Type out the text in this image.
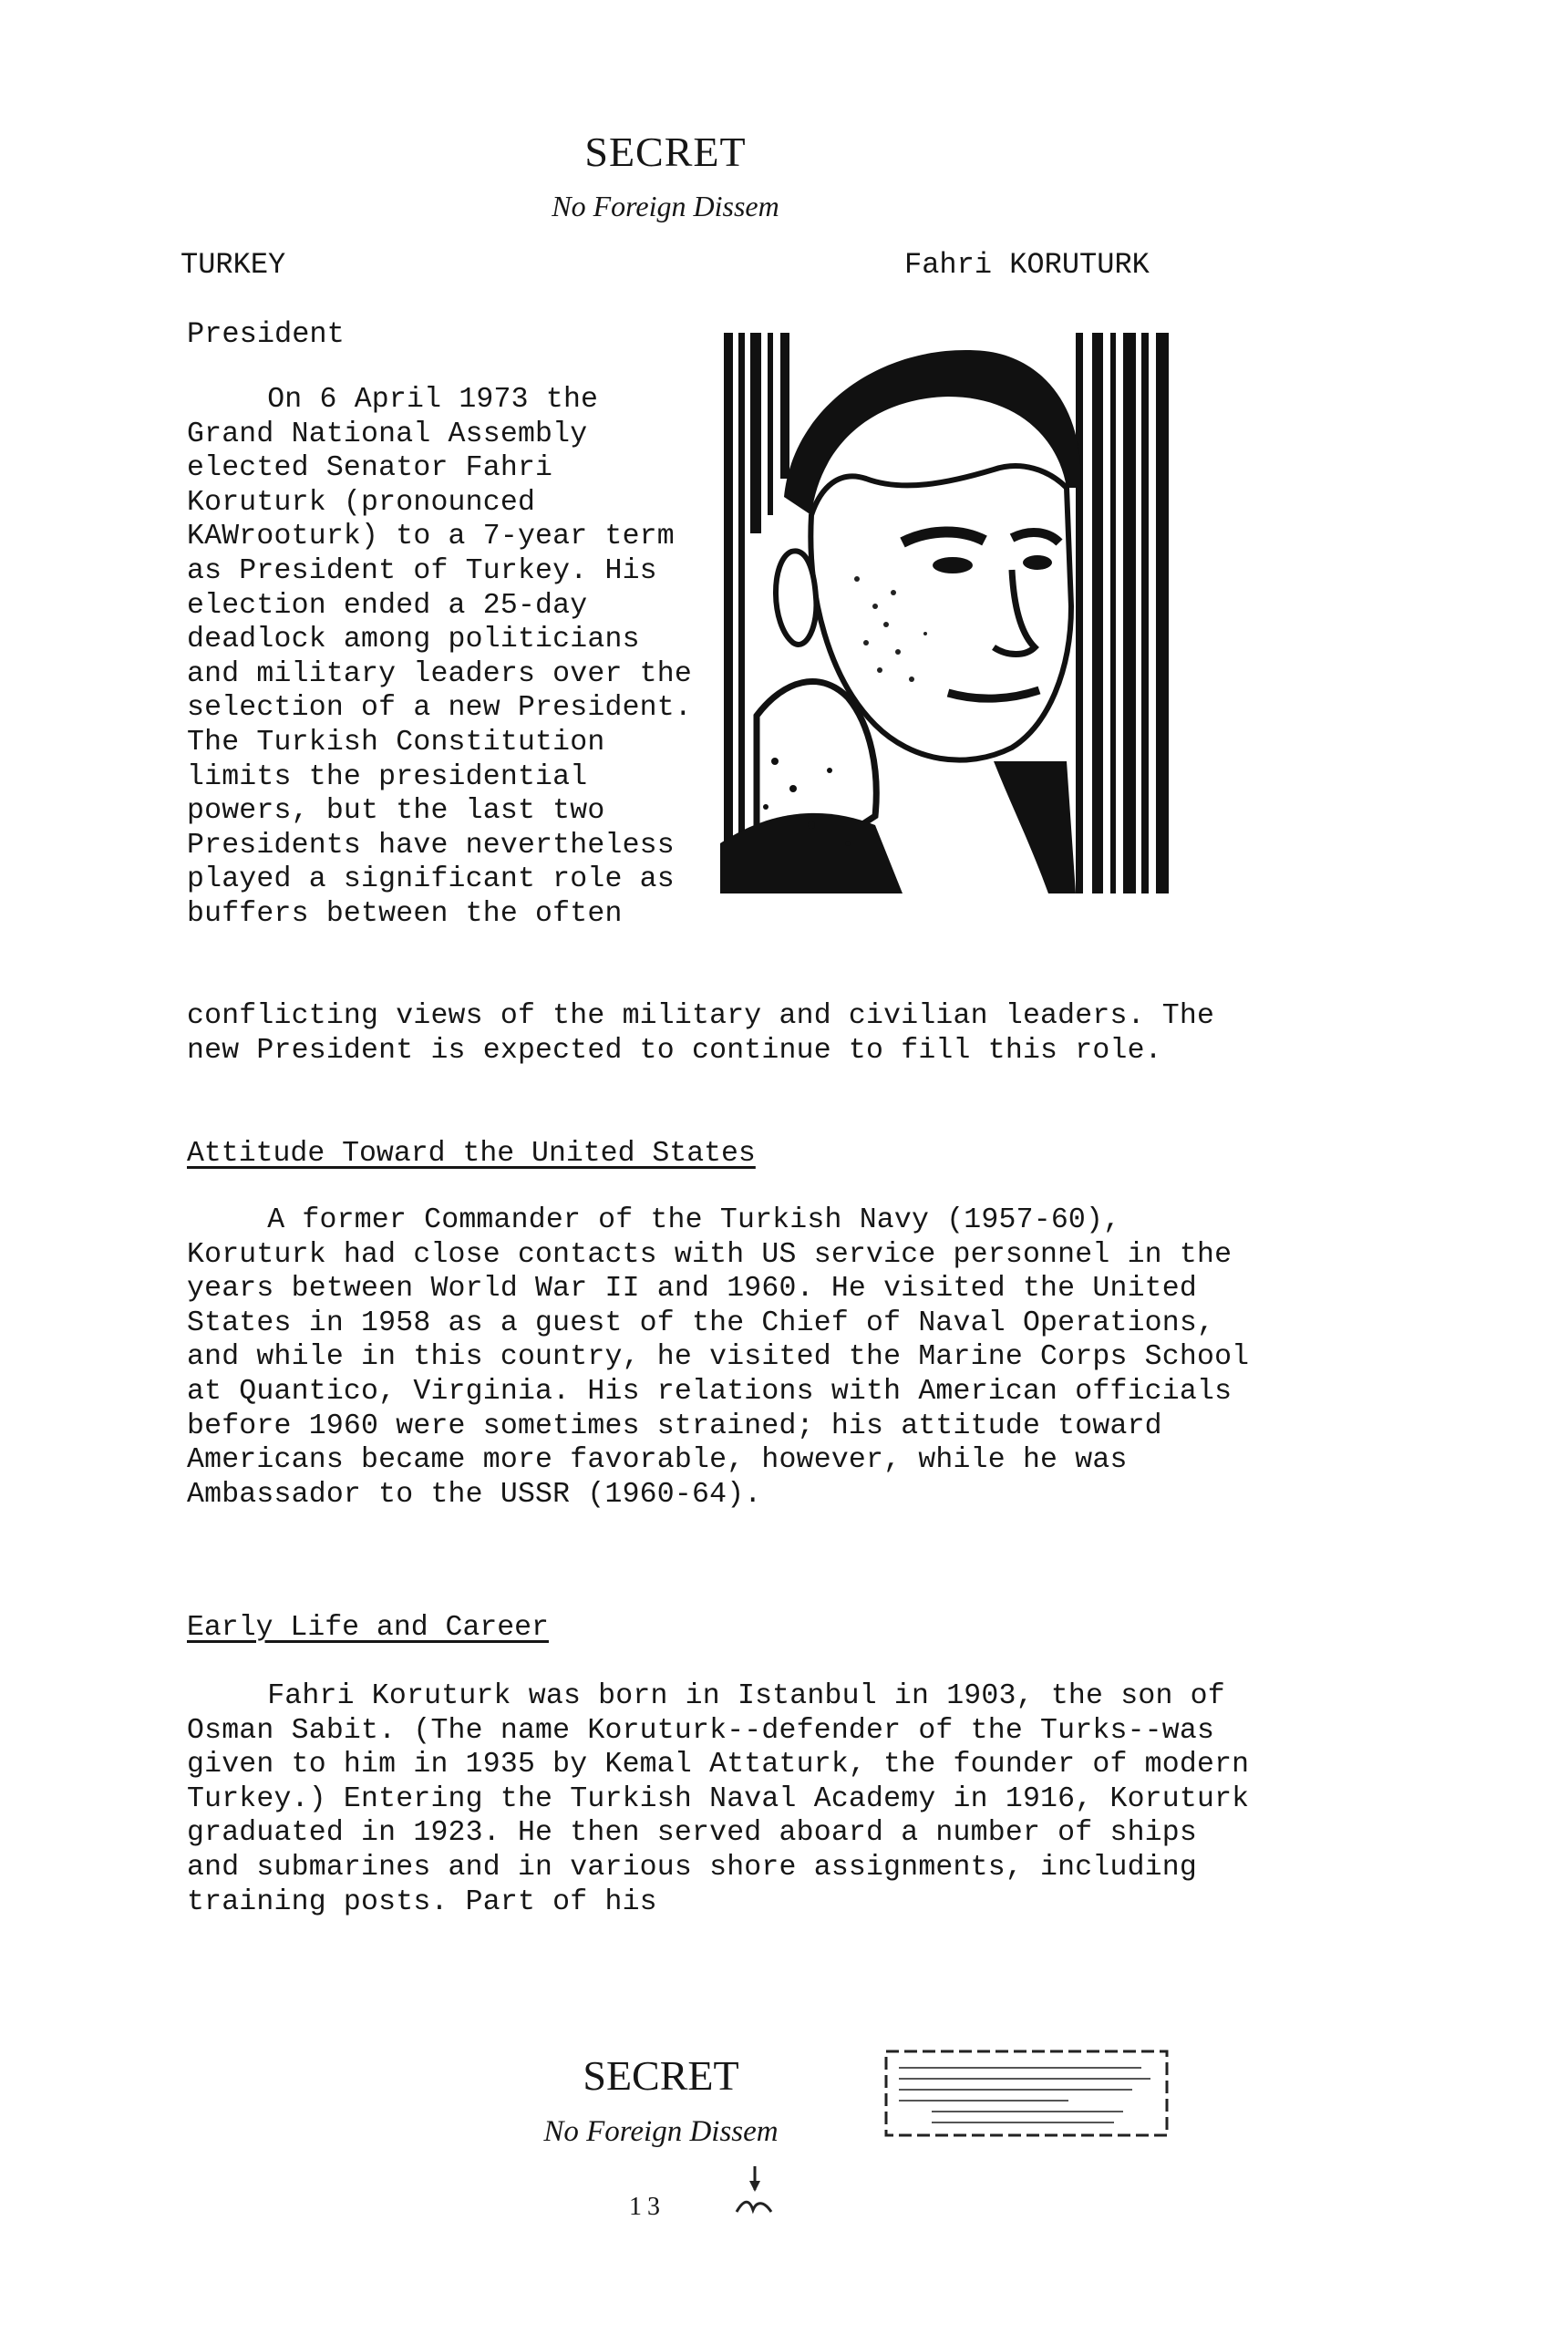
SECRET
No Foreign Dissem
TURKEY	Fahri KORUTURK
President

On 6 April 1973 the Grand National Assembly elected Senator Fahri Koruturk (pronounced KAWrooturk) to a 7-year term as President of Turkey. His election ended a 25-day deadlock among politicians and military leaders over the selection of a new President. The Turkish Constitution limits the presidential powers, but the last two Presidents have nevertheless played a significant role as buffers between the often

conflicting views of the military and civilian leaders. The new President is expected to continue to fill this role.

Attitude Toward the United States

A former Commander of the Turkish Navy (1957-60), Koruturk had close contacts with US service personnel in the years between World War II and 1960. He visited the United States in 1958 as a guest of the Chief of Naval Operations, and while in this country, he visited the Marine Corps School at Quantico, Virginia. His relations with American officials before 1960 were sometimes strained; his attitude toward Americans became more favorable, however, while he was Ambassador to the USSR (1960-64).

Early Life and Career

Fahri Koruturk was born in Istanbul in 1903, the son of Osman Sabit. (The name Koruturk--defender of the Turks--was given to him in 1935 by Kemal Attaturk, the founder of modern Turkey.) Entering the Turkish Naval Academy in 1916, Koruturk graduated in 1923. He then served aboard a number of ships and submarines and in various shore assignments, including training posts. Part of his

SECRET
No Foreign Dissem
13
